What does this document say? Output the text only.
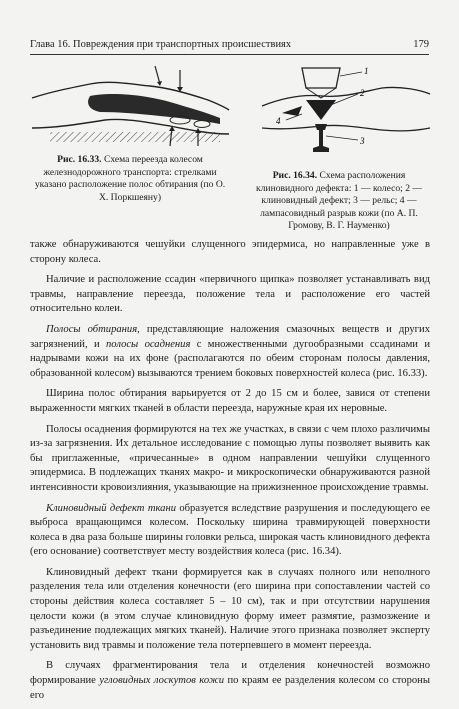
Глава 16. Повреждения при транспортных происшествиях	179
Рис. 16.33. Схема переезда колесом железнодорожного транспорта: стрелками указано расположение полос обтирания (по О. Х. Поркшеяну)
1
2
3
4
Рис. 16.34. Схема расположения клиновидного дефекта: 1 — колесо; 2 — клиновидный дефект; 3 — рельс; 4 — лампасовидный разрыв кожи (по А. П. Громову, В. Г. Науменко)

также обнаруживаются чешуйки слущенного эпидермиса, но направленные уже в сторону колеса.

Наличие и расположение ссадин «первичного щипка» позволяет устанавливать вид травмы, направление переезда, положение тела и расположение его частей относительно колеи.

Полосы обтирания, представляющие наложения смазочных веществ и других загрязнений, и полосы осаднения с множественными дугообразными ссадинами и надрывами кожи на их фоне (располагаются по обеим сторонам полосы давления, образованной колесом) вызываются трением боковых поверхностей колеса (рис. 16.33).

Ширина полос обтирания варьируется от 2 до 15 см и более, завися от степени выраженности мягких тканей в области переезда, наружные края их неровные.

Полосы осаднения формируются на тех же участках, в связи с чем плохо различимы из-за загрязнения. Их детальное исследование с помощью лупы позволяет выявить как бы приглаженные, «причесанные» в одном направлении чешуйки слущенного эпидермиса. В подлежащих тканях макро- и микроскопически обнаруживаются разной интенсивности кровоизлияния, указывающие на прижизненное происхождение травмы.

Клиновидный дефект ткани образуется вследствие разрушения и последующего ее выброса вращающимся колесом. Поскольку ширина травмирующей поверхности колеса в два раза больше ширины головки рельса, широкая часть клиновидного дефекта (его основание) соответствует месту воздействия колеса (рис. 16.34).

Клиновидный дефект ткани формируется как в случаях полного или неполного разделения тела или отделения конечности (его ширина при сопоставлении частей со стороны действия колеса составляет 5 – 10 см), так и при отсутствии нарушения целости кожи (в этом случае клиновидную форму имеет размятие, размозжение и разъединение подлежащих мягких тканей). Наличие этого признака позволяет эксперту установить вид травмы и положение тела потерпевшего в момент переезда.

В случаях фрагментирования тела и отделения конечностей возможно формирование угловидных лоскутов кожи по краям ее разделения колесом со стороны его
